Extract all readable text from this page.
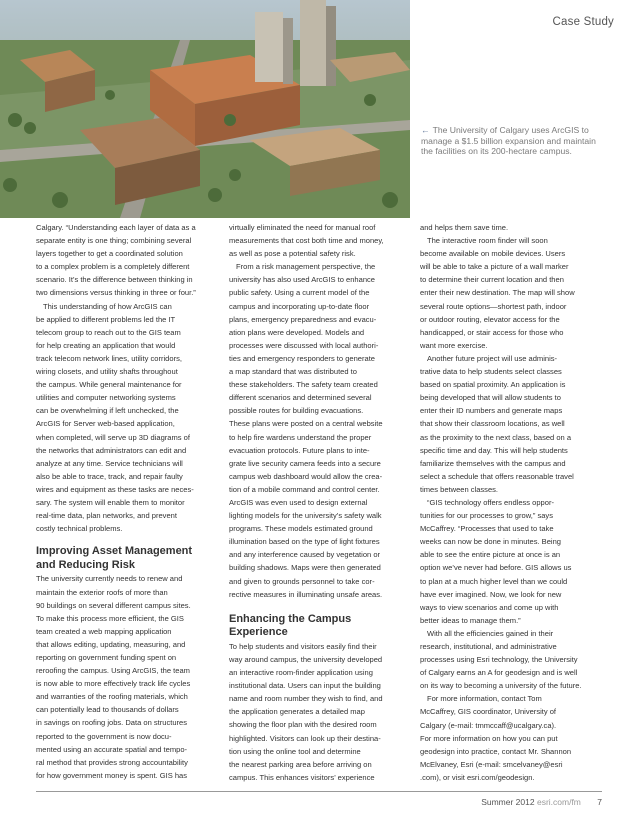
Case Study
← The University of Calgary uses ArcGIS to manage a $1.5 billion expansion and maintain the facilities on its 200-hectare campus.

Calgary. “Understanding each layer of data as a

separate entity is one thing; combining several

layers together to get a coordinated solution

to a complex problem is a completely different

scenario. It’s the difference between thinking in

two dimensions versus thinking in three or four.”

This understanding of how ArcGIS can

be applied to different problems led the IT

telecom group to reach out to the GIS team

for help creating an application that would

track telecom network lines, utility corridors,

wiring closets, and utility shafts throughout

the campus. While general maintenance for

utilities and computer networking systems

can be overwhelming if left unchecked, the

ArcGIS for Server web-based application,

when completed, will serve up 3D diagrams of

the networks that administrators can edit and

analyze at any time. Service technicians will

also be able to trace, track, and repair faulty

wires and equipment as these tasks are neces-

sary. The system will enable them to monitor

real-time data, plan networks, and prevent

costly technical problems.

Improving Asset Management
and Reducing Risk

The university currently needs to renew and

maintain the exterior roofs of more than

90 buildings on several different campus sites.

To make this process more efficient, the GIS

team created a web mapping application

that allows editing, updating, measuring, and

reporting on government funding spent on

reroofing the campus. Using ArcGIS, the team

is now able to more effectively track life cycles

and warranties of the roofing materials, which

can potentially lead to thousands of dollars

in savings on roofing jobs. Data on structures

reported to the government is now docu-

mented using an accurate spatial and tempo-

ral method that provides strong accountability

for how government money is spent. GIS has

virtually eliminated the need for manual roof

measurements that cost both time and money,

as well as pose a potential safety risk.

From a risk management perspective, the

university has also used ArcGIS to enhance

public safety. Using a current model of the

campus and incorporating up-to-date floor

plans, emergency preparedness and evacu-

ation plans were developed. Models and

processes were discussed with local authori-

ties and emergency responders to generate

a map standard that was distributed to

these stakeholders. The safety team created

different scenarios and determined several

possible routes for building evacuations.

These plans were posted on a central website

to help fire wardens understand the proper

evacuation protocols. Future plans to inte-

grate live security camera feeds into a secure

campus web dashboard would allow the crea-

tion of a mobile command and control center.

ArcGIS was even used to design external

lighting models for the university’s safety walk

programs. These models estimated ground

illumination based on the type of light fixtures

and any interference caused by vegetation or

building shadows. Maps were then generated

and given to grounds personnel to take cor-

rective measures in illuminating unsafe areas.

Enhancing the Campus
Experience

To help students and visitors easily find their

way around campus, the university developed

an interactive room-finder application using

institutional data. Users can input the building

name and room number they wish to find, and

the application generates a detailed map

showing the floor plan with the desired room

highlighted. Visitors can look up their destina-

tion using the online tool and determine

the nearest parking area before arriving on

campus. This enhances visitors’ experience

and helps them save time.

The interactive room finder will soon

become available on mobile devices. Users

will be able to take a picture of a wall marker

to determine their current location and then

enter their new destination. The map will show

several route options—shortest path, indoor

or outdoor routing, elevator access for the

handicapped, or stair access for those who

want more exercise.

Another future project will use adminis-

trative data to help students select classes

based on spatial proximity. An application is

being developed that will allow students to

enter their ID numbers and generate maps

that show their classroom locations, as well

as the proximity to the next class, based on a

specific time and day. This will help students

familiarize themselves with the campus and

select a schedule that offers reasonable travel

times between classes.

“GIS technology offers endless oppor-

tunities for our processes to grow,” says

McCaffrey. “Processes that used to take

weeks can now be done in minutes. Being

able to see the entire picture at once is an

option we’ve never had before. GIS allows us

to plan at a much higher level than we could

have ever imagined. Now, we look for new

ways to view scenarios and come up with

better ideas to manage them.”

With all the efficiencies gained in their

research, institutional, and administrative

processes using Esri technology, the University

of Calgary earns an A for geodesign and is well

on its way to becoming a university of the future.

For more information, contact Tom

McCaffrey, GIS coordinator, University of

Calgary (e-mail: tmmccaff@ucalgary.ca).

For more information on how you can put

geodesign into practice, contact Mr. Shannon

McElvaney, Esri (e-mail: smcelvaney@esri

.com), or visit esri.com/geodesign.

Summer 2012 esri.com/fm 7
